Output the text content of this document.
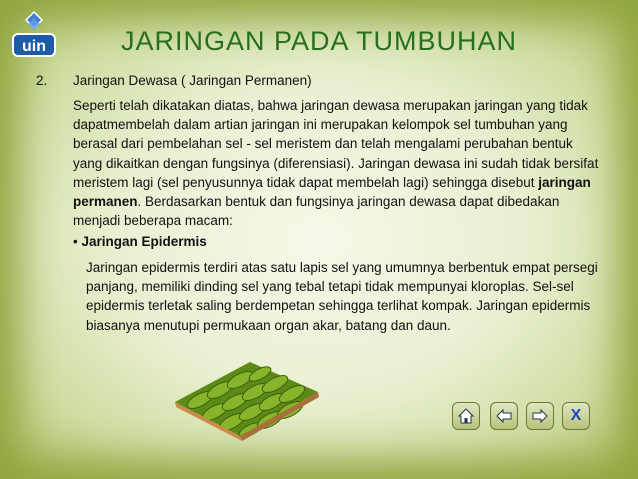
uin	JARINGAN PADA TUMBUHAN
2. Jaringan Dewasa ( Jaringan Permanen)
Seperti telah dikatakan diatas, bahwa jaringan dewasa merupakan jaringan yang tidak dapatmembelah dalam artian jaringan ini merupakan kelompok sel tumbuhan yang berasal dari pembelahan sel - sel meristem dan telah mengalami perubahan bentuk yang dikaitkan dengan fungsinya (diferensiasi). Jaringan dewasa ini sudah tidak bersifat meristem lagi (sel penyusunnya tidak dapat membelah lagi) sehingga disebut jaringan permanen. Berdasarkan bentuk dan fungsinya jaringan dewasa dapat dibedakan menjadi beberapa macam:
• Jaringan Epidermis
Jaringan epidermis terdiri atas satu lapis sel yang umumnya berbentuk empat persegi panjang, memiliki dinding sel yang tebal tetapi tidak mempunyai kloroplas. Sel-sel epidermis terletak saling berdempetan sehingga terlihat kompak. Jaringan epidermis biasanya menutupi permukaan organ akar, batang dan daun.
X
